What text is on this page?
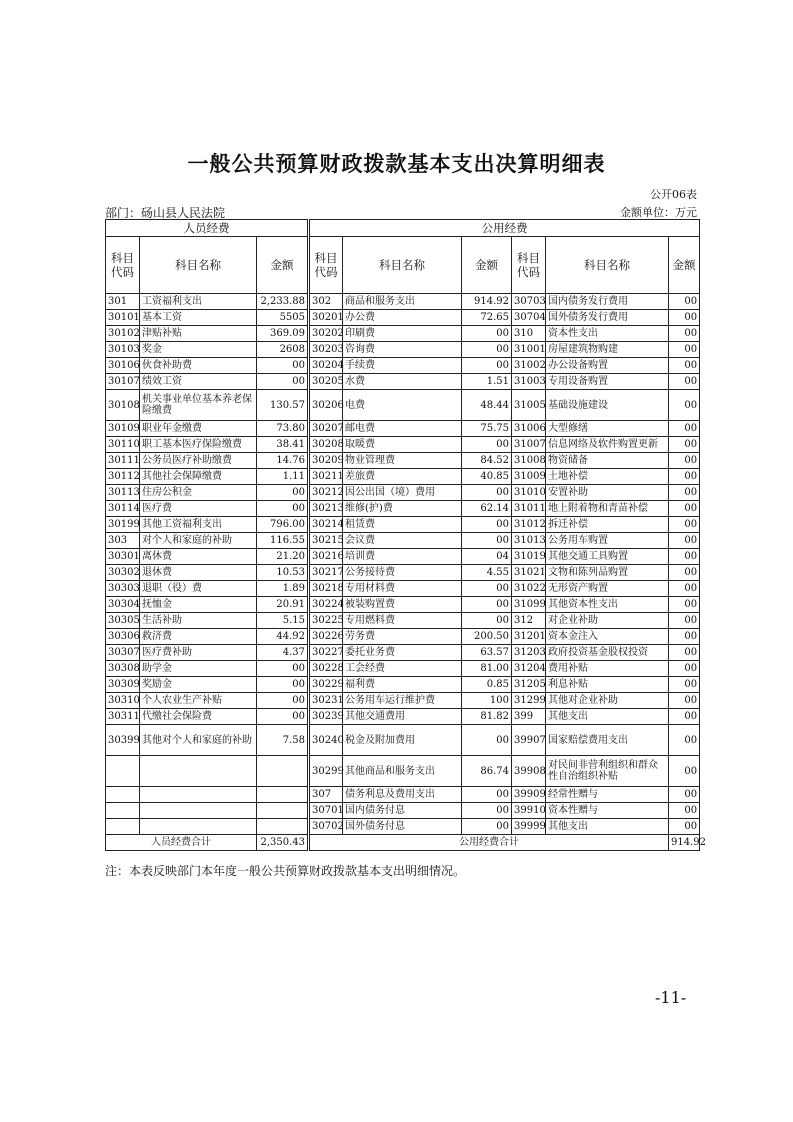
一般公共预算财政拨款基本支出决算明细表
公开06表
部门：砀山县人民法院	金额单位：万元
人员经费			公用经费					
科目代码	科目名称	金额	科目代码	科目名称	金额	科目代码	科目名称	金额
301	工资福利支出	2,233.88	302	商品和服务支出	914.92	30703	国内债务发行费用	00
30101	基本工资	5505	30201	办公费	72.65	30704	国外债务发行费用	00
30102	津贴补贴	369.09	30202	印刷费	00	310	资本性支出	00
30103	奖金	2608	30203	咨询费	00	31001	房屋建筑物购建	00
30106	伙食补助费	00	30204	手续费	00	31002	办公设备购置	00
30107	绩效工资	00	30205	水费	1.51	31003	专用设备购置	00
30108	机关事业单位基本养老保险缴费	130.57	30206	电费	48.44	31005	基础设施建设	00
30109	职业年金缴费	73.80	30207	邮电费	75.75	31006	大型修缮	00
30110	职工基本医疗保险缴费	38.41	30208	取暖费	00	31007	信息网络及软件购置更新	00
30111	公务员医疗补助缴费	14.76	30209	物业管理费	84.52	31008	物资储备	00
30112	其他社会保障缴费	1.11	30211	差旅费	40.85	31009	土地补偿	00
30113	住房公积金	00	30212	因公出国（境）费用	00	31010	安置补助	00
30114	医疗费	00	30213	维修(护)费	62.14	31011	地上附着物和青苗补偿	00
30199	其他工资福利支出	796.00	30214	租赁费	00	31012	拆迁补偿	00
303	对个人和家庭的补助	116.55	30215	会议费	00	31013	公务用车购置	00
30301	离休费	21.20	30216	培训费	04	31019	其他交通工具购置	00
30302	退休费	10.53	30217	公务接待费	4.55	31021	文物和陈列品购置	00
30303	退职（役）费	1.89	30218	专用材料费	00	31022	无形资产购置	00
30304	抚恤金	20.91	30224	被装购置费	00	31099	其他资本性支出	00
30305	生活补助	5.15	30225	专用燃料费	00	312	对企业补助	00
30306	救济费	44.92	30226	劳务费	200.50	31201	资本金注入	00
30307	医疗费补助	4.37	30227	委托业务费	63.57	31203	政府投资基金股权投资	00
30308	助学金	00	30228	工会经费	81.00	31204	费用补贴	00
30309	奖励金	00	30229	福利费	0.85	31205	利息补贴	00
30310	个人农业生产补贴	00	30231	公务用车运行维护费	100	31299	其他对企业补助	00
30311	代缴社会保险费	00	30239	其他交通费用	81.82	399	其他支出	00
30399	其他对个人和家庭的补助	7.58	30240	税金及附加费用	00	39907	国家赔偿费用支出	00
			30299	其他商品和服务支出	86.74	39908	对民间非营利组织和群众性自治组织补贴	00
			307	债务利息及费用支出	00	39909	经常性赠与	00
			30701	国内债务付息	00	39910	资本性赠与	00
			30702	国外债务付息	00	39999	其他支出	00
人员经费合计		2,350.43	公用经费合计					914.92
注：本表反映部门本年度一般公共预算财政拨款基本支出明细情况。
-11-
